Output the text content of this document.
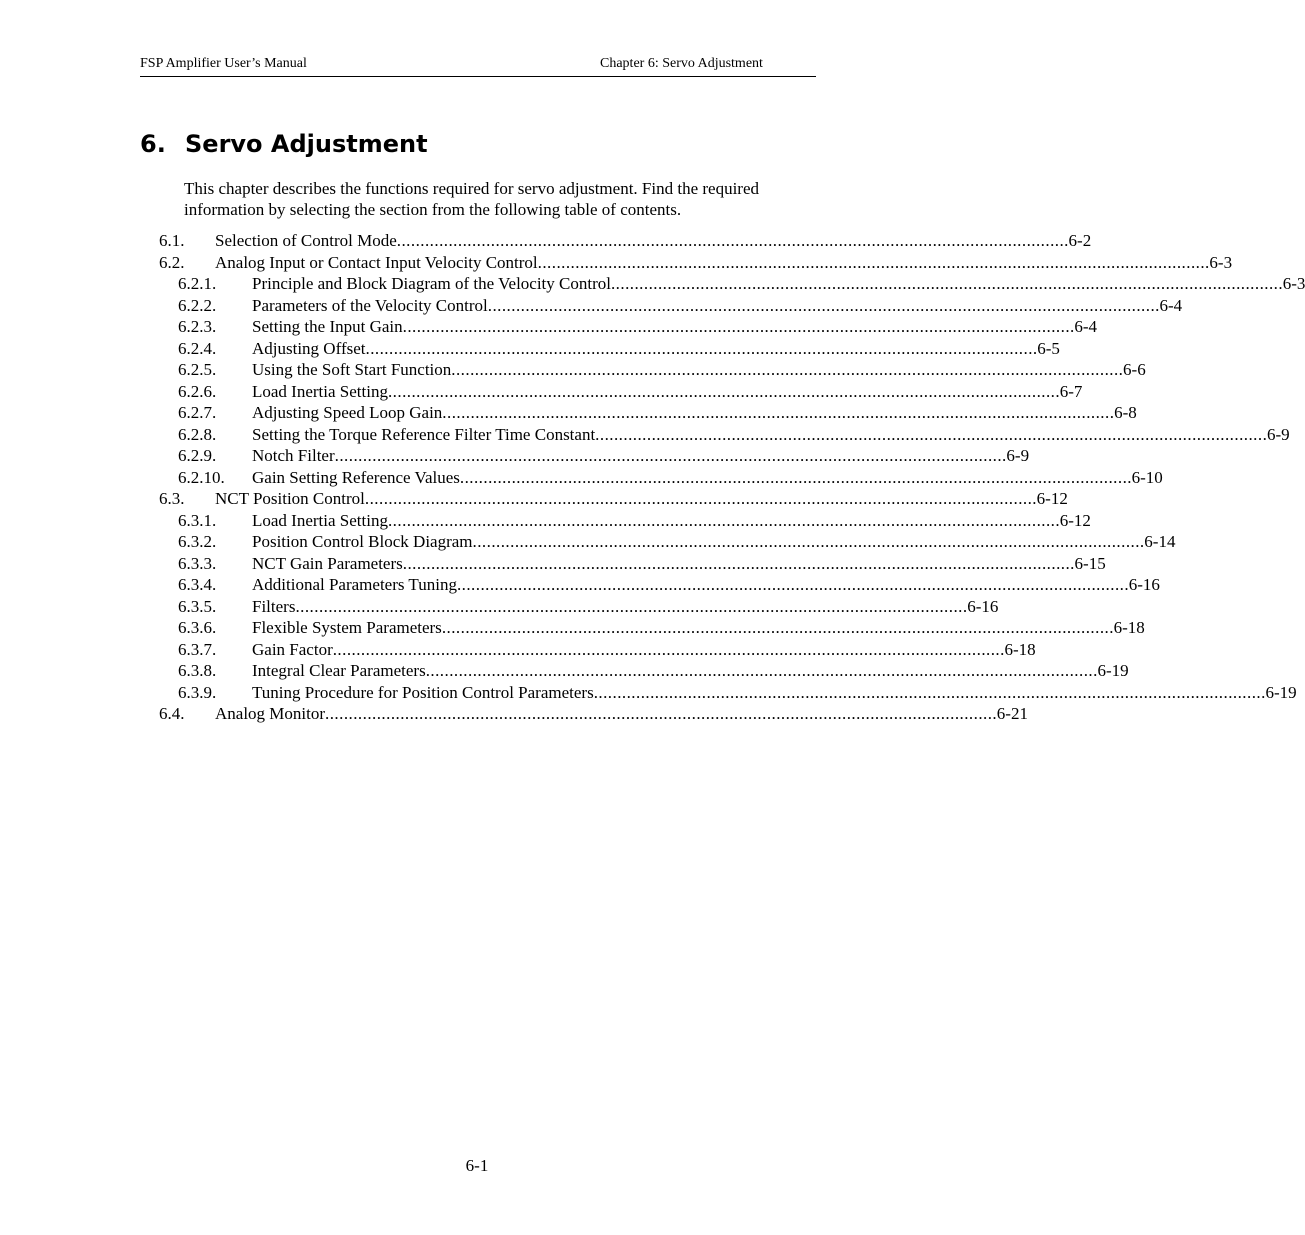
FSP Amplifier User’s Manual	Chapter 6: Servo Adjustment
6. Servo Adjustment
This chapter describes the functions required for servo adjustment. Find the required information by selecting the section from the following table of contents.
6.1.	Selection of Control Mode . . .	6-2
6.2.	Analog Input or Contact Input Velocity Control . . .	6-3
6.2.1.	Principle and Block Diagram of the Velocity Control . . .	6-3
6.2.2.	Parameters of the Velocity Control . . .	6-4
6.2.3.	Setting the Input Gain . . .	6-4
6.2.4.	Adjusting Offset . . .	6-5
6.2.5.	Using the Soft Start Function . . .	6-6
6.2.6.	Load Inertia Setting . . .	6-7
6.2.7.	Adjusting Speed Loop Gain . . .	6-8
6.2.8.	Setting the Torque Reference Filter Time Constant . . .	6-9
6.2.9.	Notch Filter . . .	6-9
6.2.10.	Gain Setting Reference Values . . .	6-10
6.3.	NCT Position Control . . .	6-12
6.3.1.	Load Inertia Setting . . .	6-12
6.3.2.	Position Control Block Diagram . . .	6-14
6.3.3.	NCT Gain Parameters . . .	6-15
6.3.4.	Additional Parameters Tuning . . .	6-16
6.3.5.	Filters . . .	6-16
6.3.6.	Flexible System Parameters . . .	6-18
6.3.7.	Gain Factor . . .	6-18
6.3.8.	Integral Clear Parameters . . .	6-19
6.3.9.	Tuning Procedure for Position Control Parameters . . .	6-19
6.4.	Analog Monitor . . .	6-21
6-1
